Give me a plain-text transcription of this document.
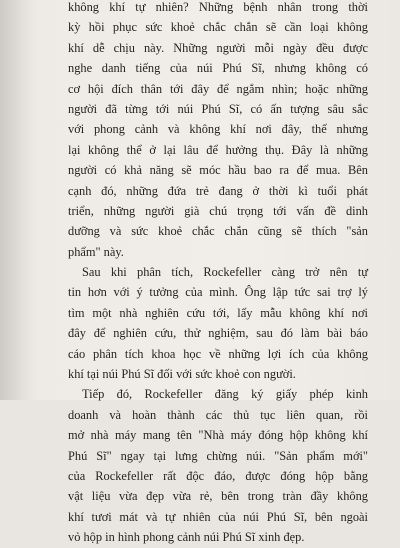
không khí tự nhiên? Những bệnh nhân trong thời
kỳ hồi phục sức khoẻ chắc chắn sẽ cần loại không
khí dễ chịu này. Những người mỗi ngày đều được
nghe danh tiếng của núi Phú Sĩ, nhưng không có
cơ hội đích thân tới đây để ngắm nhìn; hoặc những
người đã từng tới núi Phú Sĩ, có ấn tượng sâu sắc
với phong cảnh và không khí nơi đây, thế nhưng
lại không thể ở lại lâu để hưởng thụ. Đây là những
người có khả năng sẽ móc hầu bao ra để mua. Bên
cạnh đó, những đứa trẻ đang ở thời kì tuổi phát
triển, những người già chú trọng tới vấn đề dinh
dưỡng và sức khoẻ chắc chắn cũng sẽ thích "sản
phẩm" này.
Sau khi phân tích, Rockefeller càng trở nên tự
tin hơn với ý tưởng của mình. Ông lập tức sai trợ lý
tìm một nhà nghiên cứu tới, lấy mẫu không khí nơi
đây để nghiên cứu, thử nghiệm, sau đó làm bài báo
cáo phân tích khoa học về những lợi ích của không
khí tại núi Phú Sĩ đối với sức khoẻ con người.
Tiếp đó, Rockefeller đăng ký giấy phép kinh
doanh và hoàn thành các thủ tục liên quan, rồi
mở nhà máy mang tên "Nhà máy đóng hộp không khí
Phú Sĩ" ngay tại lưng chừng núi. "Sản phẩm mới"
của Rockefeller rất độc đáo, được đóng hộp bằng
vật liệu vừa đẹp vừa rẻ, bên trong tràn đầy không
khí tươi mát và tự nhiên của núi Phú Sĩ, bên ngoài
vỏ hộp in hình phong cảnh núi Phú Sĩ xinh đẹp.
